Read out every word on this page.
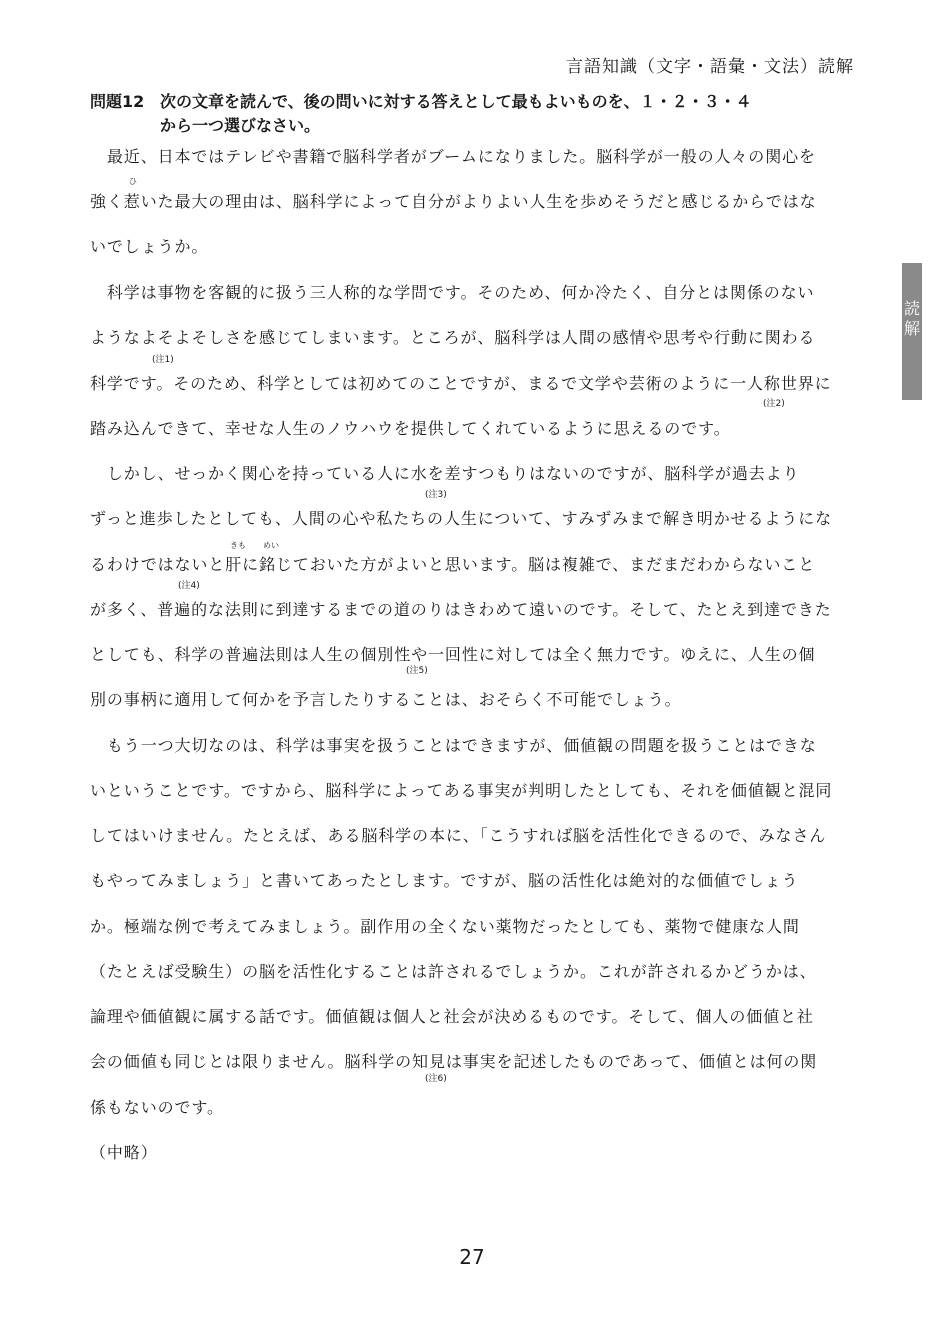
言語知識（文字・語彙・文法）読解
読
解
問題12 次の文章を読んで、後の問いに対する答えとして最もよいものを、１・２・３・４
から一つ選びなさい。
　最近、日本ではテレビや書籍で脳科学者がブームになりました。脳科学が一般の人々の関心を
強く惹いた最大の理由は、脳科学によって自分がよりよい人生を歩めそうだと感じるからではな
いでしょうか。
　科学は事物を客観的に扱う三人称的な学問です。そのため、何か冷たく、自分とは関係のない
ようなよそよそしさを感じてしまいます。ところが、脳科学は人間の感情や思考や行動に関わる
科学です。そのため、科学としては初めてのことですが、まるで文学や芸術のように一人称世界に
踏み込んできて、幸せな人生のノウハウを提供してくれているように思えるのです。
　しかし、せっかく関心を持っている人に水を差すつもりはないのですが、脳科学が過去より
ずっと進歩したとしても、人間の心や私たちの人生について、すみずみまで解き明かせるようにな
るわけではないと肝に銘じておいた方がよいと思います。脳は複雑で、まだまだわからないこと
が多く、普遍的な法則に到達するまでの道のりはきわめて遠いのです。そして、たとえ到達できた
としても、科学の普遍法則は人生の個別性や一回性に対しては全く無力です。ゆえに、人生の個
別の事柄に適用して何かを予言したりすることは、おそらく不可能でしょう。
　もう一つ大切なのは、科学は事実を扱うことはできますが、価値観の問題を扱うことはできな
いということです。ですから、脳科学によってある事実が判明したとしても、それを価値観と混同
してはいけません。たとえば、ある脳科学の本に、「こうすれば脳を活性化できるので、みなさん
もやってみましょう」と書いてあったとします。ですが、脳の活性化は絶対的な価値でしょう
か。極端な例で考えてみましょう。副作用の全くない薬物だったとしても、薬物で健康な人間
（たとえば受験生）の脳を活性化することは許されるでしょうか。これが許されるかどうかは、
論理や価値観に属する話です。価値観は個人と社会が決めるものです。そして、個人の価値と社
会の価値も同じとは限りません。脳科学の知見は事実を記述したものであって、価値とは何の関
係もないのです。
（中略）
ひ
きも めい
(注1)
(注2)
(注3)
(注4)
(注5)
(注6)
27
